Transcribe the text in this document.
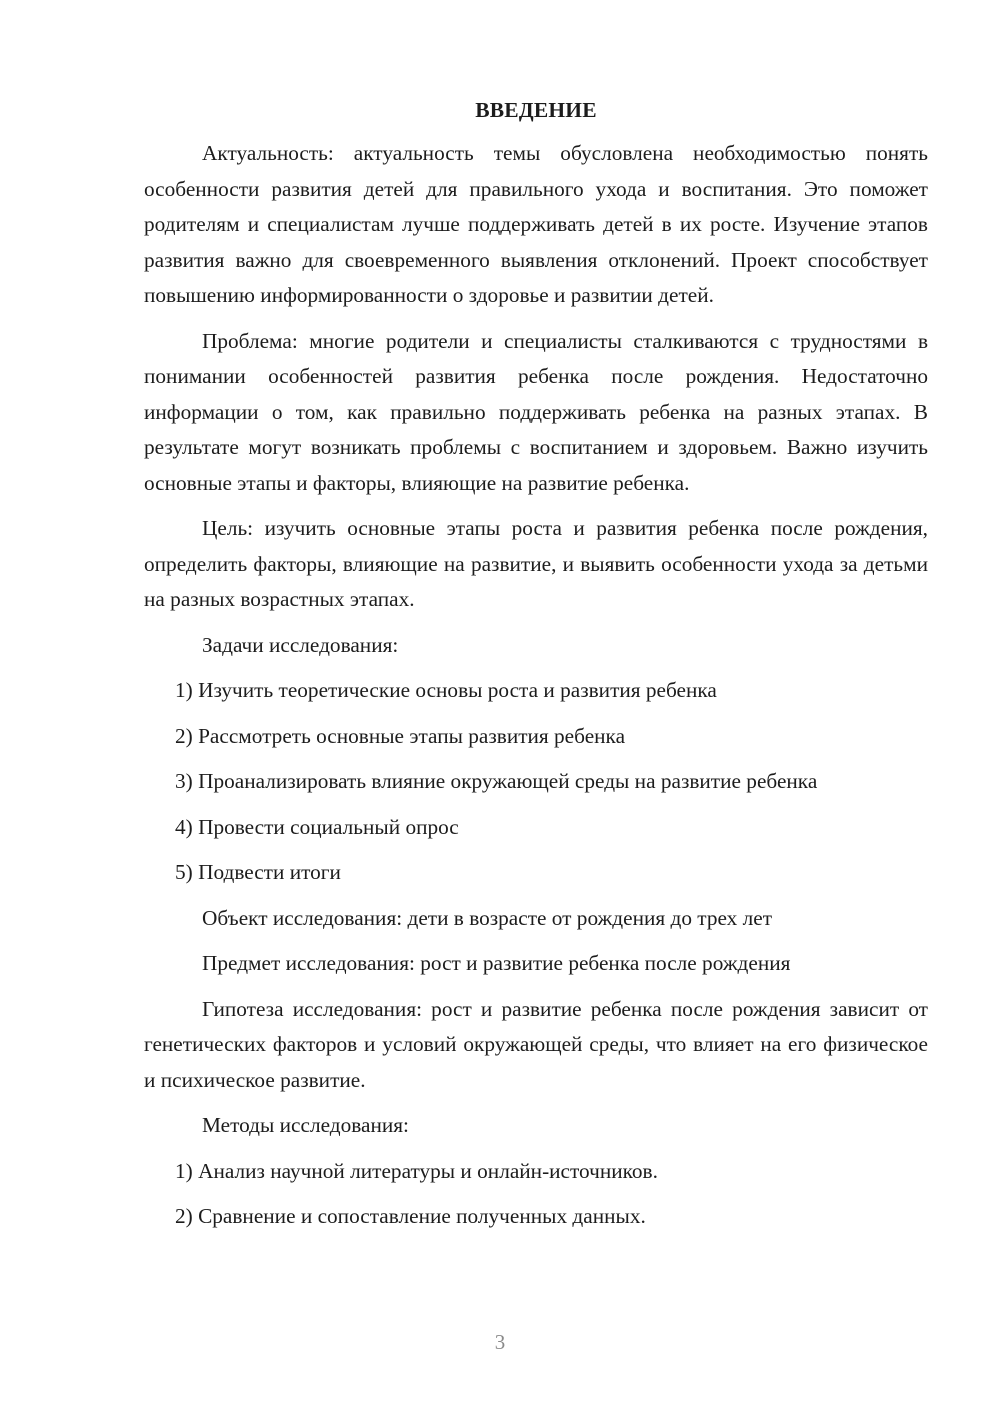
ВВЕДЕНИЕ

Актуальность: актуальность темы обусловлена необходимостью понять особенности развития детей для правильного ухода и воспитания. Это поможет родителям и специалистам лучше поддерживать детей в их росте. Изучение этапов развития важно для своевременного выявления отклонений. Проект способствует повышению информированности о здоровье и развитии детей.

Проблема: многие родители и специалисты сталкиваются с трудностями в понимании особенностей развития ребенка после рождения. Недостаточно информации о том, как правильно поддерживать ребенка на разных этапах. В результате могут возникать проблемы с воспитанием и здоровьем. Важно изучить основные этапы и факторы, влияющие на развитие ребенка.

Цель: изучить основные этапы роста и развития ребенка после рождения, определить факторы, влияющие на развитие, и выявить особенности ухода за детьми на разных возрастных этапах.

Задачи исследования:
1) Изучить теоретические основы роста и развития ребенка
2) Рассмотреть основные этапы развития ребенка
3) Проанализировать влияние окружающей среды на развитие ребенка
4) Провести социальный опрос
5) Подвести итоги
Объект исследования: дети в возрасте от рождения до трех лет
Предмет исследования: рост и развитие ребенка после рождения

Гипотеза исследования: рост и развитие ребенка после рождения зависит от генетических факторов и условий окружающей среды, что влияет на его физическое и психическое развитие.

Методы исследования:
1) Анализ научной литературы и онлайн-источников.
2) Сравнение и сопоставление полученных данных.
3
